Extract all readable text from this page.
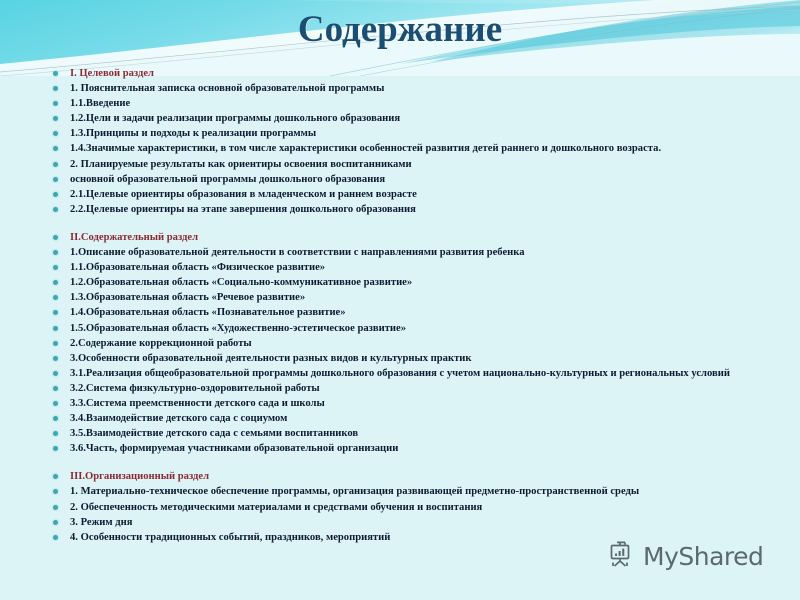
Содержание
I. Целевой раздел
1. Пояснительная записка основной образовательной программы
1.1.Введение
1.2.Цели и задачи реализации программы дошкольного образования
1.3.Принципы и подходы к реализации программы
1.4.Значимые характеристики, в том числе характеристики особенностей развития детей раннего и дошкольного возраста.
2. Планируемые результаты как ориентиры освоения воспитанниками
основной образовательной программы дошкольного образования
2.1.Целевые ориентиры образования в младенческом и раннем возрасте
2.2.Целевые ориентиры на этапе завершения дошкольного образования
II.Содержательный раздел
1.Описание образовательной деятельности в соответствии с направлениями развития ребенка
1.1.Образовательная область «Физическое развитие»
1.2.Образовательная область «Социально-коммуникативное развитие»
1.3.Образовательная область «Речевое развитие»
1.4.Образовательная область «Познавательное развитие»
1.5.Образовательная область «Художественно-эстетическое развитие»
2.Содержание коррекционной работы
3.Особенности образовательной деятельности разных видов и культурных практик
3.1.Реализация общеобразовательной программы дошкольного образования с учетом национально-культурных и региональных условий
3.2.Система физкультурно-оздоровительной работы
3.3.Система преемственности детского сада и школы
3.4.Взаимодействие детского сада с социумом
3.5.Взаимодействие детского сада с семьями воспитанников
3.6.Часть, формируемая участниками образовательной организации
III.Организационный раздел
1. Материально-техническое обеспечение программы, организация развивающей предметно-пространственной среды
2. Обеспеченность методическими материалами и средствами обучения и воспитания
3. Режим дня
4. Особенности традиционных событий, праздников, мероприятий
MyShared
